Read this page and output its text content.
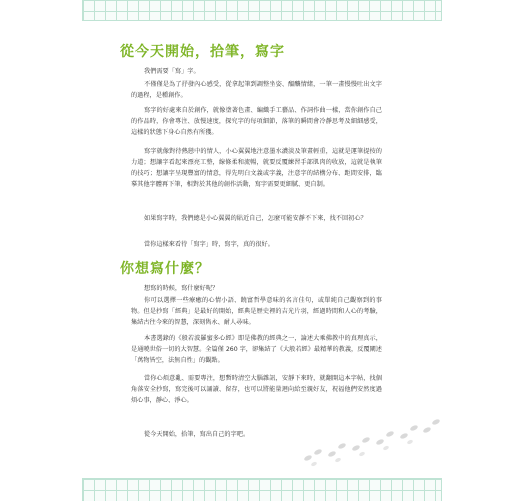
從今天開始，拾筆，寫字

我們需要「寫」字。

不僅僅是為了抒發內心感受，從拿起筆到調整坐姿、醞釀情緒，一筆一畫慢慢吐出文字的過程，是種創作。

寫字的好處來自於創作，就像塗著色畫、編織手工藝品、作詞作曲一樣，當你創作自己的作品時，你會專注、放慢速度，探究字的每項細節，落筆的瞬間會冷靜思考及細細感受，這樣的狀態下身心自然有所獲。

寫字就像對待熱戀中的情人，小心翼翼地注意墨水濃淡及筆畫輕重，這就是運筆提按的力道；想讓字看起來漂亮工整，線條柔和流暢，就要反覆練習手部肌肉的收放，這就是執筆的技巧；想讓字呈現豐富的情意，得先明白文義或字義，注意字的結構分布、距間安排，臨摹其他字體再下筆，相對於其他的創作活動，寫字需要更細膩、更自制。

如果寫字時，我們總是小心翼翼的貼近自己，怎麼可能安靜不下來，找不回初心？

當你這樣來看待「寫字」時，寫字，真的很好。

你想寫什麼？

想寫的時候，寫什麼好呢？

你可以選擇一些療癒的心情小語、饒富哲學意味的名言佳句，或單純自己觀察到的事物。但是抄寫「經典」是最好的開始，經典是歷史裡的吉光片羽，經過時間和人心的考驗，集結古往今來的智慧，深刻雋永、耐人尋味。

本書選錄的《般若波羅蜜多心經》即是佛教的經典之一，論述大乘佛教中的真理真示，是通曉世俗一切的大智慧。全篇僅 260 字，卻集結了《大般若經》最精華的教義，反覆闡述「萬物皆空，法無自性」的觀點。

當你心煩意亂、需要專注，想暫時清空大腦雜訊，安靜下來時，就翻開這本字帖，找個角落安全抄寫，寫完後可以誦讀、留存，也可以將能量迴向給至親好友，祝福他們安然度過煩心事，靜心、淨心。

從今天開始，拾筆，寫出自己的字吧。
